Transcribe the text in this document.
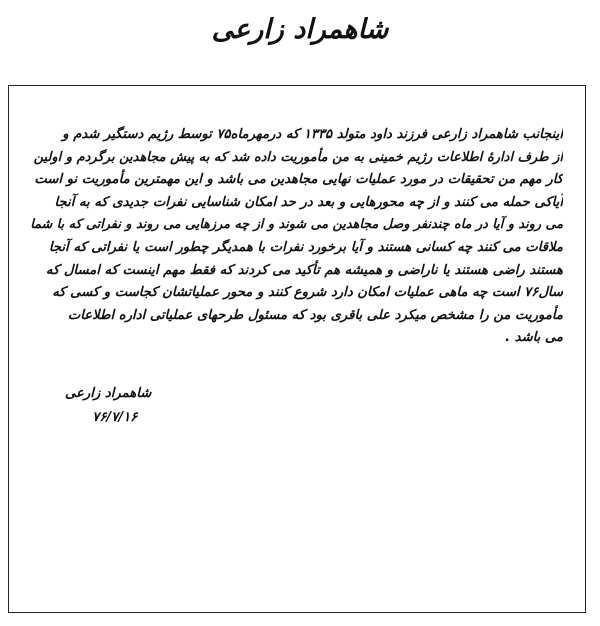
شاهمراد زارعی
اینجانب شاهمراد زارعی فرزند داود متولد ۱۳۳۵ که درمهرماه۷۵ توسط رژیم دستگیر شدم و
از طرف ادارهٔ اطلاعات رژیم خمینی به من مأموریت داده شد که به پیش مجاهدین برگردم و اولین
کار مهم من تحقیقات در مورد عملیات نهایی مجاهدین می باشد و این مهمترین مأموریت نو است
آیاکی حمله می کنند و از چه محورهایی و بعد در حد امکان شناسایی نفرات جدیدی که به آنجا
می روند و آیا در ماه چندنفر وصل مجاهدین می شوند و از چه مرزهایی می روند و نفراتی که با شما
ملاقات می کنند چه کسانی هستند و آیا برخورد نفرات با همدیگر چطور است یا نفراتی که آنجا
هستند راضی هستند یا ناراضی و همیشه هم تأکید می کردند که فقط مهم اینست که امسال که
سال۷۶ است چه ماهی عملیات امکان دارد شروع کنند و محور عملیاتشان کجاست و کسی که
مأموریت من را مشخص میکرد علی باقری بود که مسئول طرحهای عملیاتی اداره اطلاعات
می باشد .
شاهمراد زارعی
۷۶/۷/۱۶
